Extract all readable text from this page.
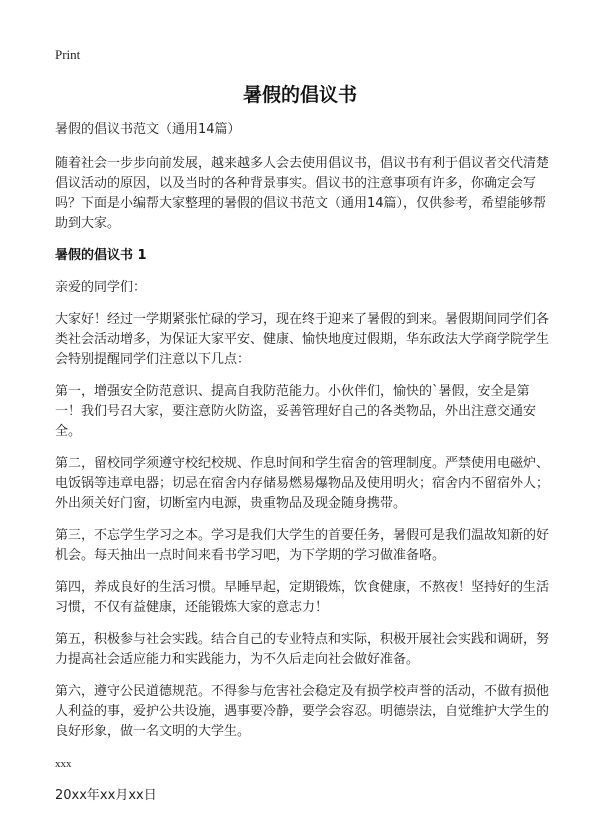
Print
暑假的倡议书

暑假的倡议书范文（通用14篇）

随着社会一步步向前发展，越来越多人会去使用倡议书，倡议书有利于倡议者交代清楚倡议活动的原因，以及当时的各种背景事实。倡议书的注意事项有许多，你确定会写吗？下面是小编帮大家整理的暑假的倡议书范文（通用14篇），仅供参考，希望能够帮助到大家。

暑假的倡议书 1

亲爱的同学们：

大家好！经过一学期紧张忙碌的学习，现在终于迎来了暑假的到来。暑假期间同学们各类社会活动增多，为保证大家平安、健康、愉快地度过假期，华东政法大学商学院学生会特别提醒同学们注意以下几点：

第一，增强安全防范意识、提高自我防范能力。小伙伴们，愉快的`暑假，安全是第一！我们号召大家，要注意防火防盗，妥善管理好自己的各类物品，外出注意交通安全。

第二，留校同学须遵守校纪校规、作息时间和学生宿舍的管理制度。严禁使用电磁炉、电饭锅等违章电器；切忌在宿舍内存储易燃易爆物品及使用明火；宿舍内不留宿外人；外出须关好门窗，切断室内电源，贵重物品及现金随身携带。

第三，不忘学生学习之本。学习是我们大学生的首要任务，暑假可是我们温故知新的好机会。每天抽出一点时间来看书学习吧，为下学期的学习做准备咯。

第四，养成良好的生活习惯。早睡早起，定期锻炼，饮食健康，不熬夜！坚持好的生活习惯，不仅有益健康，还能锻炼大家的意志力！

第五，积极参与社会实践。结合自己的专业特点和实际，积极开展社会实践和调研，努力提高社会适应能力和实践能力，为不久后走向社会做好准备。

第六，遵守公民道德规范。不得参与危害社会稳定及有损学校声誉的活动，不做有损他人利益的事，爱护公共设施，遇事要冷静，要学会容忍。明德崇法，自觉维护大学生的良好形象，做一名文明的大学生。

xxx

20xx年xx月xx日
